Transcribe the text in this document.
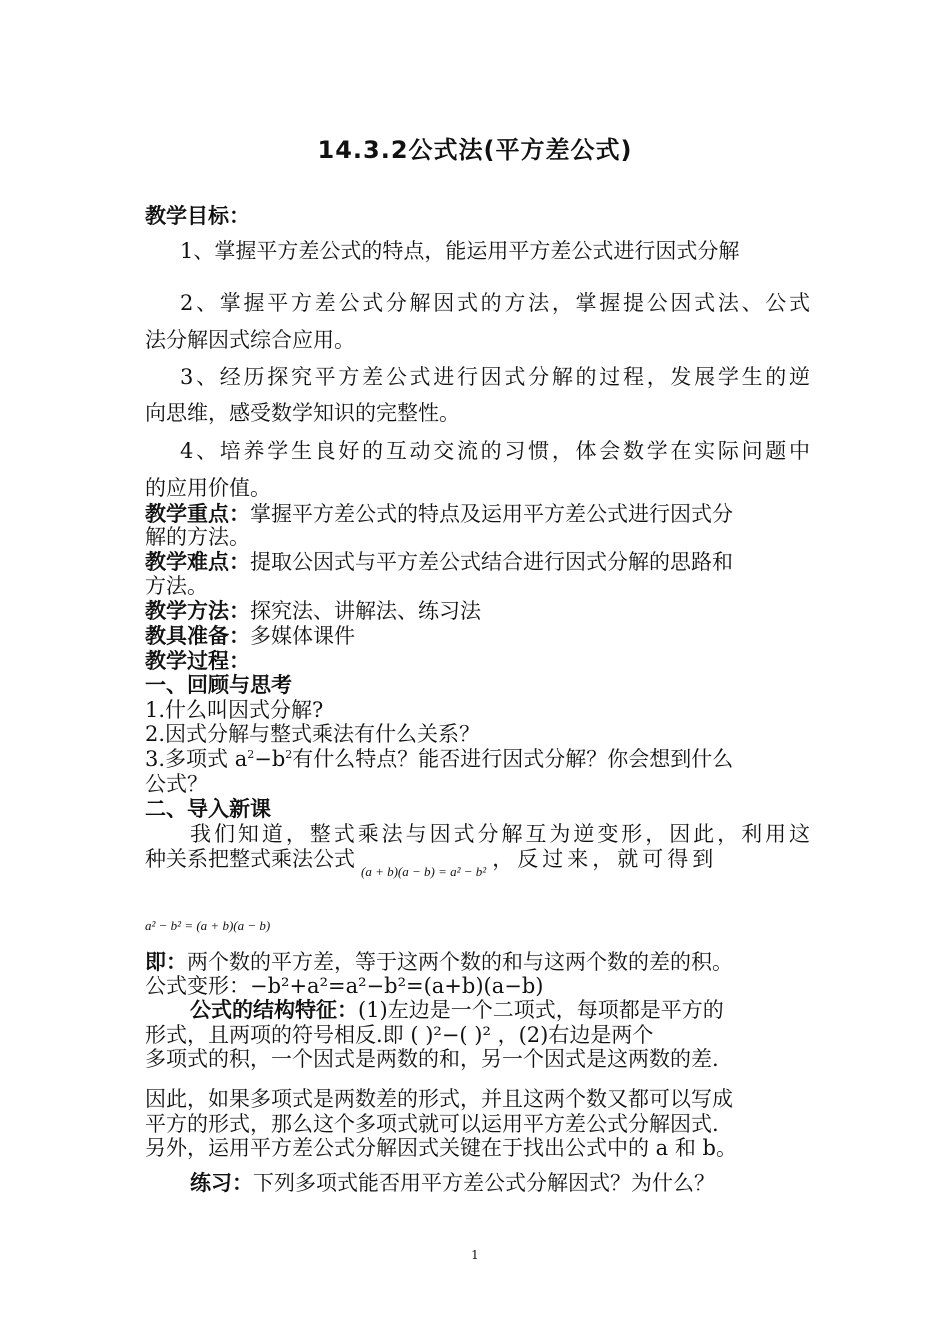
14.3.2公式法(平方差公式)
教学目标：
1、掌握平方差公式的特点，能运用平方差公式进行因式分解
2、掌握平方差公式分解因式的方法，掌握提公因式法、公式
法分解因式综合应用。
3、经历探究平方差公式进行因式分解的过程，发展学生的逆
向思维，感受数学知识的完整性。
4、培养学生良好的互动交流的习惯，体会数学在实际问题中
的应用价值。
教学重点：掌握平方差公式的特点及运用平方差公式进行因式分
解的方法。
教学难点：提取公因式与平方差公式结合进行因式分解的思路和
方法。
教学方法：探究法、讲解法、练习法
教具准备：多媒体课件
教学过程：
一、回顾与思考
1.什么叫因式分解?
2.因式分解与整式乘法有什么关系？
3.多项式 $a^2-b^2$有什么特点？能否进行因式分解？你会想到什么
公式？
二、导入新课
我们知道，整式乘法与因式分解互为逆变形，因此，利用这
种关系把整式乘法公式$_{(a + b)(a - b) = a^2 - b^2}$，反过来，就可得到
a² − b² = (a + b)(a − b)
即：两个数的平方差，等于这两个数的和与这两个数的差的积。
公式变形：−b²+a²=a²−b²=(a+b)(a−b)
公式的结构特征：(1)左边是一个二项式，每项都是平方的
形式，且两项的符号相反.即 ( )²−( )² ，(2)右边是两个
多项式的积，一个因式是两数的和，另一个因式是这两数的差.
因此，如果多项式是两数差的形式，并且这两个数又都可以写成
平方的形式，那么这个多项式就可以运用平方差公式分解因式.
另外，运用平方差公式分解因式关键在于找出公式中的 a 和 b。
练习：下列多项式能否用平方差公式分解因式？为什么？
1
